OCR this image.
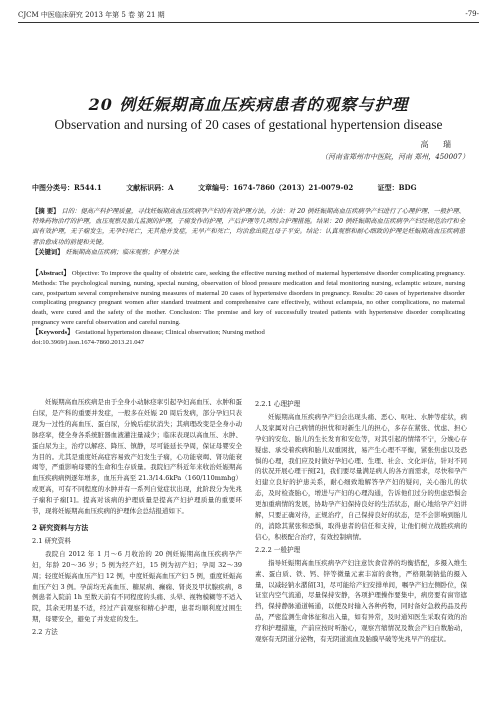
CJCM 中医临床研究 2013 年第 5 卷 第 21 期	-79-
20 例妊娠期高血压疾病患者的观察与护理
Observation and nursing of 20 cases of gestational hypertension disease
高 瑞
（河南省郑州市中医院，河南 郑州，450007）
中图分类号：R544.1	文献标识码：A	文章编号：1674-7860（2013）21-0079-02	证型：BDG
【摘 要】 目的：提高产科护理质量，寻找妊娠期高血压疾病孕产妇的有效护理方法。方法：对 20 例妊娠期高血压疾病孕产妇进行了心理护理、一般护理、特殊药物治疗的护理，血压观察及胎儿监测的护理，子痫发作的护理，产后护理等几项综合护理措施。结果：20 例妊娠期高血压疾病孕产妇经规范治疗和全面有效护理，无子痫发生，无孕妇死亡，无其他并发症，无早产和死亡，均治愈出院且母子平安。结论：认真观察和耐心细致的护理是妊娠期高血压疾病患者治愈成功的前提和关键。
【关键词】 妊娠期高血压疾病；临床观察；护理方法

【Abstract】 Objective: To improve the quality of obstetric care, seeking the effective nursing method of maternal hypertensive disorder complicating pregnancy. Methods: The psychological nursing, nursing, special nursing, observation of blood pressure medication and fetal monitoring nursing, eclamptic seizure, nursing care, postpartum several comprehensive nursing measures of maternal 20 cases of hypertensive disorders in pregnancy. Results: 20 cases of hypertensive disorder complicating pregnancy pregnant women after standard treatment and comprehensive care effectively, without eclampsia, no other complications, no maternal death, were cured and the safety of the mother. Conclusion: The premise and key of successfully treated patients with hypertensive disorder complicating pregnancy were careful observation and careful nursing.

【Keywords】 Gestational hypertension disease; Clinical observation; Nursing method

doi:10.3969/j.issn.1674-7860.2013.21.047

妊娠期高血压疾病是由于全身小动脉痉挛引起孕妇高血压、水肿和蛋白尿，是产科的重要并发症，一般多在妊娠 20 周后发病，部分孕妇只表现为一过性的高血压、蛋白尿，分娩后症状消失；其病理改变是全身小动脉痉挛，使全身各系统脏器血液灌注量减少；临床表现以高血压、水肿、蛋白尿为主，治疗以解痉、降压、镇静，尽可能延长孕周，保证母婴安全为目的。尤其是重度妊高症容易致产妇发生子痫，心功能衰竭、肾功能衰竭等，严重影响母婴的生命和生存质量。我院妇产科近年来收治妊娠期高血压疾病病例逐年增多，血压升高至 21.3/14.6kPa（160/110mmhg）或更高，可有不同程度的水肿并有一系列自觉症状出现，此阶段分为先兆子痫和子痫[1]。提高对该病的护理质量是提高产妇护理质量的重要环节，现将妊娠期高血压疾病的护理体会总结报道如下。

2 研究资料与方法
2.1 研究资料

我院自 2012 年 1 月～6 月收治的 20 例妊娠期高血压疾病孕产妇，年龄 20～36 岁；5 例为经产妇，15 例为初产妇；孕周 32～39 周；轻度妊娠高血压产妇 12 例，中度妊娠高血压产妇 5 例，重度妊娠高血压产妇 3 例。孕前均无高血压、糖尿病、癫痫、肾炎及甲状腺疾病，8 例患者入院前 1h 至数天前有不同程度的头痛、头晕、视物模糊等不适入院，其余无明显不适，经过产前观察和精心护理，患者均顺利度过围生期，母婴安全，避免了并发症的发生。

2.2 方法
2.2.1 心理护理

妊娠期高血压疾病孕产妇会出现头痛、恶心、呕吐、水肿等症状，病人及家属对自己病情的担忧和对新生儿的担心，多存在紧张、忧虑、担心孕妇的安危、胎儿的生长发育和安危等，对其引起的情绪不宁，分娩心存疑虑、承受着疾病和胎儿双重困扰，易产生心理不平衡，紧张焦虑以及恐惧的心理，我们应及时做好孕妇心理、生理、社会、文化评估，针对不同的状况开展心理干预[2]，我们要尽量满足病人的各方面需求，尽快和孕产妇建立良好的护患关系，耐心细致地解答孕产妇的疑问，关心胎儿的状态，及时检查胎心，增进与产妇的心理沟通，告诉他们过分的焦虑恐惧会更加重病情的发展，协助孕产妇保持良好的生活状态，耐心地给孕产妇讲解，只要正确对待，正规治疗，自己保持良好的状态，是不会影响到胎儿的，消除其紧张和恐惧，取得患者的信任和支持，让他们树立战胜疾病的信心，积极配合治疗，有效控制病情。

2.2.2 一般护理

指导妊娠期高血压疾病孕产妇注意饮食营养的均衡搭配，多摄入维生素、蛋白质、铁、钙、锌等微量元素丰富的食物，严格限制钠盐的摄入量，以减轻钠水潴留[3]，尽可能给产妇安排单间，嘱孕产妇左侧卧位，保证室内空气流通，尽量保持安静，各项护理操作要集中，病房要有窗帘遮挡，保持静脉通道畅通，以便及时输入各种药物，同时备好急救药品及药品，严密监测生命体征和出入量，如有异常，及时通知医生采取有效的治疗和护理措施，产前应按时听胎心，观察宫缩情况及数会产妇自数胎动，观察有无阴道分泌物，有无阴道流血及胎膜早破等先兆早产的症状。
